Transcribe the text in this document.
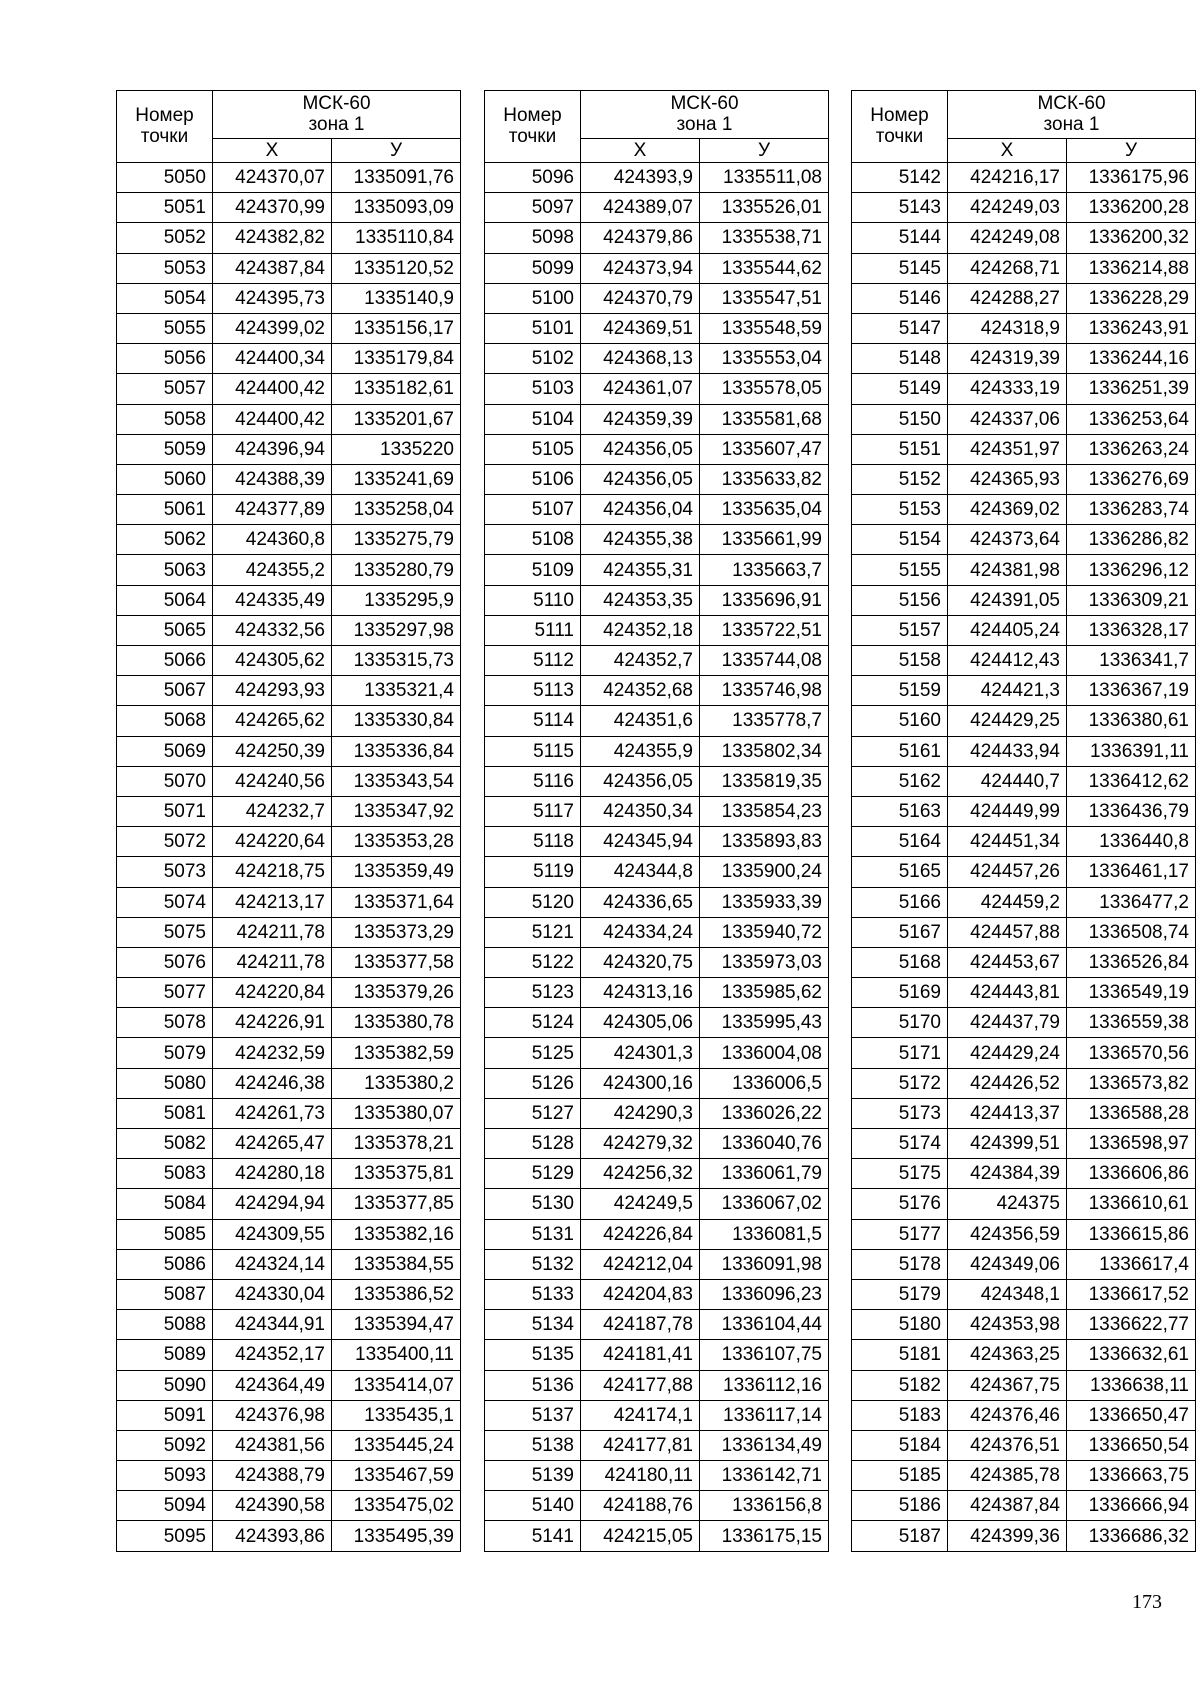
Номер точки	МСК-60
зона 1	

	Х	У
5050	424370,07	1335091,76
5051	424370,99	1335093,09
5052	424382,82	1335110,84
5053	424387,84	1335120,52
5054	424395,73	1335140,9
5055	424399,02	1335156,17
5056	424400,34	1335179,84
5057	424400,42	1335182,61
5058	424400,42	1335201,67
5059	424396,94	1335220
5060	424388,39	1335241,69
5061	424377,89	1335258,04
5062	424360,8	1335275,79
5063	424355,2	1335280,79
5064	424335,49	1335295,9
5065	424332,56	1335297,98
5066	424305,62	1335315,73
5067	424293,93	1335321,4
5068	424265,62	1335330,84
5069	424250,39	1335336,84
5070	424240,56	1335343,54
5071	424232,7	1335347,92
5072	424220,64	1335353,28
5073	424218,75	1335359,49
5074	424213,17	1335371,64
5075	424211,78	1335373,29
5076	424211,78	1335377,58
5077	424220,84	1335379,26
5078	424226,91	1335380,78
5079	424232,59	1335382,59
5080	424246,38	1335380,2
5081	424261,73	1335380,07
5082	424265,47	1335378,21
5083	424280,18	1335375,81
5084	424294,94	1335377,85
5085	424309,55	1335382,16
5086	424324,14	1335384,55
5087	424330,04	1335386,52
5088	424344,91	1335394,47
5089	424352,17	1335400,11
5090	424364,49	1335414,07
5091	424376,98	1335435,1
5092	424381,56	1335445,24
5093	424388,79	1335467,59
5094	424390,58	1335475,02
5095	424393,86	1335495,39
Номер точки	МСК-60
зона 1	

	Х	У
5096	424393,9	1335511,08
5097	424389,07	1335526,01
5098	424379,86	1335538,71
5099	424373,94	1335544,62
5100	424370,79	1335547,51
5101	424369,51	1335548,59
5102	424368,13	1335553,04
5103	424361,07	1335578,05
5104	424359,39	1335581,68
5105	424356,05	1335607,47
5106	424356,05	1335633,82
5107	424356,04	1335635,04
5108	424355,38	1335661,99
5109	424355,31	1335663,7
5110	424353,35	1335696,91
5111	424352,18	1335722,51
5112	424352,7	1335744,08
5113	424352,68	1335746,98
5114	424351,6	1335778,7
5115	424355,9	1335802,34
5116	424356,05	1335819,35
5117	424350,34	1335854,23
5118	424345,94	1335893,83
5119	424344,8	1335900,24
5120	424336,65	1335933,39
5121	424334,24	1335940,72
5122	424320,75	1335973,03
5123	424313,16	1335985,62
5124	424305,06	1335995,43
5125	424301,3	1336004,08
5126	424300,16	1336006,5
5127	424290,3	1336026,22
5128	424279,32	1336040,76
5129	424256,32	1336061,79
5130	424249,5	1336067,02
5131	424226,84	1336081,5
5132	424212,04	1336091,98
5133	424204,83	1336096,23
5134	424187,78	1336104,44
5135	424181,41	1336107,75
5136	424177,88	1336112,16
5137	424174,1	1336117,14
5138	424177,81	1336134,49
5139	424180,11	1336142,71
5140	424188,76	1336156,8
5141	424215,05	1336175,15
Номер точки	МСК-60
зона 1	

	Х	У
5142	424216,17	1336175,96
5143	424249,03	1336200,28
5144	424249,08	1336200,32
5145	424268,71	1336214,88
5146	424288,27	1336228,29
5147	424318,9	1336243,91
5148	424319,39	1336244,16
5149	424333,19	1336251,39
5150	424337,06	1336253,64
5151	424351,97	1336263,24
5152	424365,93	1336276,69
5153	424369,02	1336283,74
5154	424373,64	1336286,82
5155	424381,98	1336296,12
5156	424391,05	1336309,21
5157	424405,24	1336328,17
5158	424412,43	1336341,7
5159	424421,3	1336367,19
5160	424429,25	1336380,61
5161	424433,94	1336391,11
5162	424440,7	1336412,62
5163	424449,99	1336436,79
5164	424451,34	1336440,8
5165	424457,26	1336461,17
5166	424459,2	1336477,2
5167	424457,88	1336508,74
5168	424453,67	1336526,84
5169	424443,81	1336549,19
5170	424437,79	1336559,38
5171	424429,24	1336570,56
5172	424426,52	1336573,82
5173	424413,37	1336588,28
5174	424399,51	1336598,97
5175	424384,39	1336606,86
5176	424375	1336610,61
5177	424356,59	1336615,86
5178	424349,06	1336617,4
5179	424348,1	1336617,52
5180	424353,98	1336622,77
5181	424363,25	1336632,61
5182	424367,75	1336638,11
5183	424376,46	1336650,47
5184	424376,51	1336650,54
5185	424385,78	1336663,75
5186	424387,84	1336666,94
5187	424399,36	1336686,32
173
